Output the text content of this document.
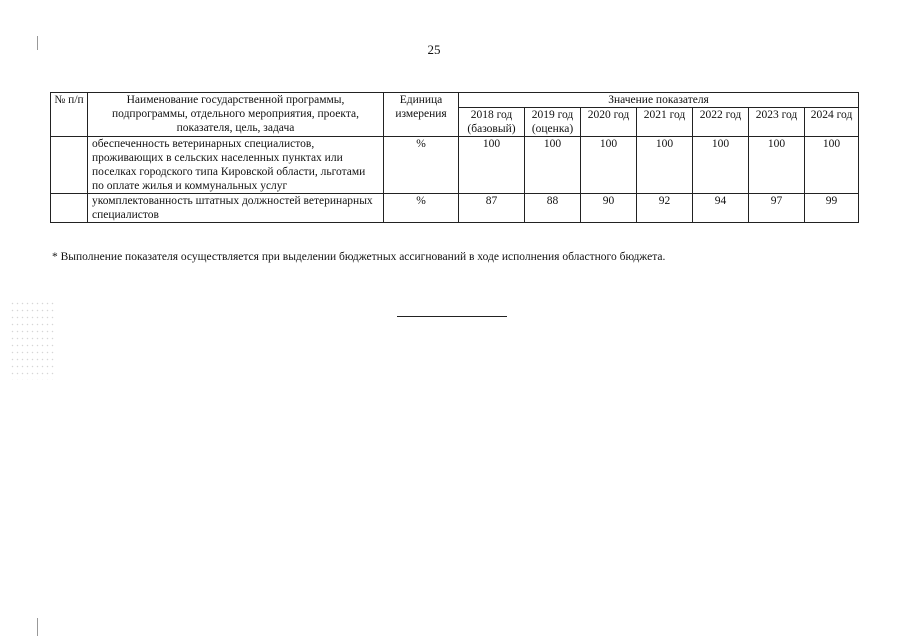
25
№ п/п	Наименование государственной программы, подпрограммы, отдельного мероприятия, проекта, показателя, цель, задача	Единица измерения	Значение показателя						
			2018 год (базовый)	2019 год (оценка)	2020 год	2021 год	2022 год	2023 год	2024 год
	обеспеченность ветеринарных специалистов, проживающих в сельских населенных пунктах или поселках городского типа Кировской области, льготами по оплате жилья и коммунальных услуг	%	100	100	100	100	100	100	100
	укомплектованность штатных должностей ветеринарных специалистов	%	87	88	90	92	94	97	99
* Выполнение показателя осуществляется при выделении бюджетных ассигнований в ходе исполнения областного бюджета.
